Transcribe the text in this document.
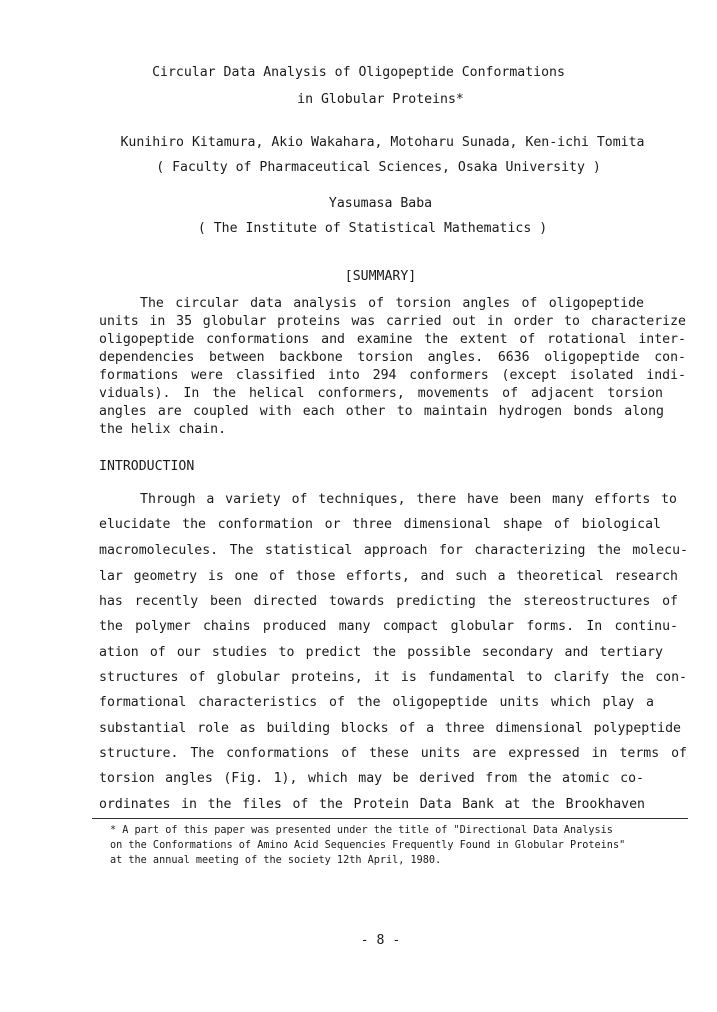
Circular Data Analysis of Oligopeptide Conformations
in Globular Proteins*
Kunihiro Kitamura, Akio Wakahara, Motoharu Sunada, Ken-ichi Tomita
( Faculty of Pharmaceutical Sciences, Osaka University )
Yasumasa Baba
( The Institute of Statistical Mathematics )
[SUMMARY]
The circular data analysis of torsion angles of oligopeptide
units in 35 globular proteins was carried out in order to characterize
oligopeptide conformations and examine the extent of rotational inter-
dependencies between backbone torsion angles. 6636 oligopeptide con-
formations were classified into 294 conformers (except isolated indi-
viduals). In the helical conformers, movements of adjacent torsion
angles are coupled with each other to maintain hydrogen bonds along
the helix chain.
INTRODUCTION
Through a variety of techniques, there have been many efforts to
elucidate the conformation or three dimensional shape of biological
macromolecules. The statistical approach for characterizing the molecu-
lar geometry is one of those efforts, and such a theoretical research
has recently been directed towards predicting the stereostructures of
the polymer chains produced many compact globular forms. In continu-
ation of our studies to predict the possible secondary and tertiary
structures of globular proteins, it is fundamental to clarify the con-
formational characteristics of the oligopeptide units which play a
substantial role as building blocks of a three dimensional polypeptide
structure. The conformations of these units are expressed in terms of
torsion angles (Fig. 1), which may be derived from the atomic co-
ordinates in the files of the Protein Data Bank at the Brookhaven
* A part of this paper was presented under the title of "Directional Data Analysis
on the Conformations of Amino Acid Sequencies Frequently Found in Globular Proteins"
at the annual meeting of the society 12th April, 1980.
- 8 -
